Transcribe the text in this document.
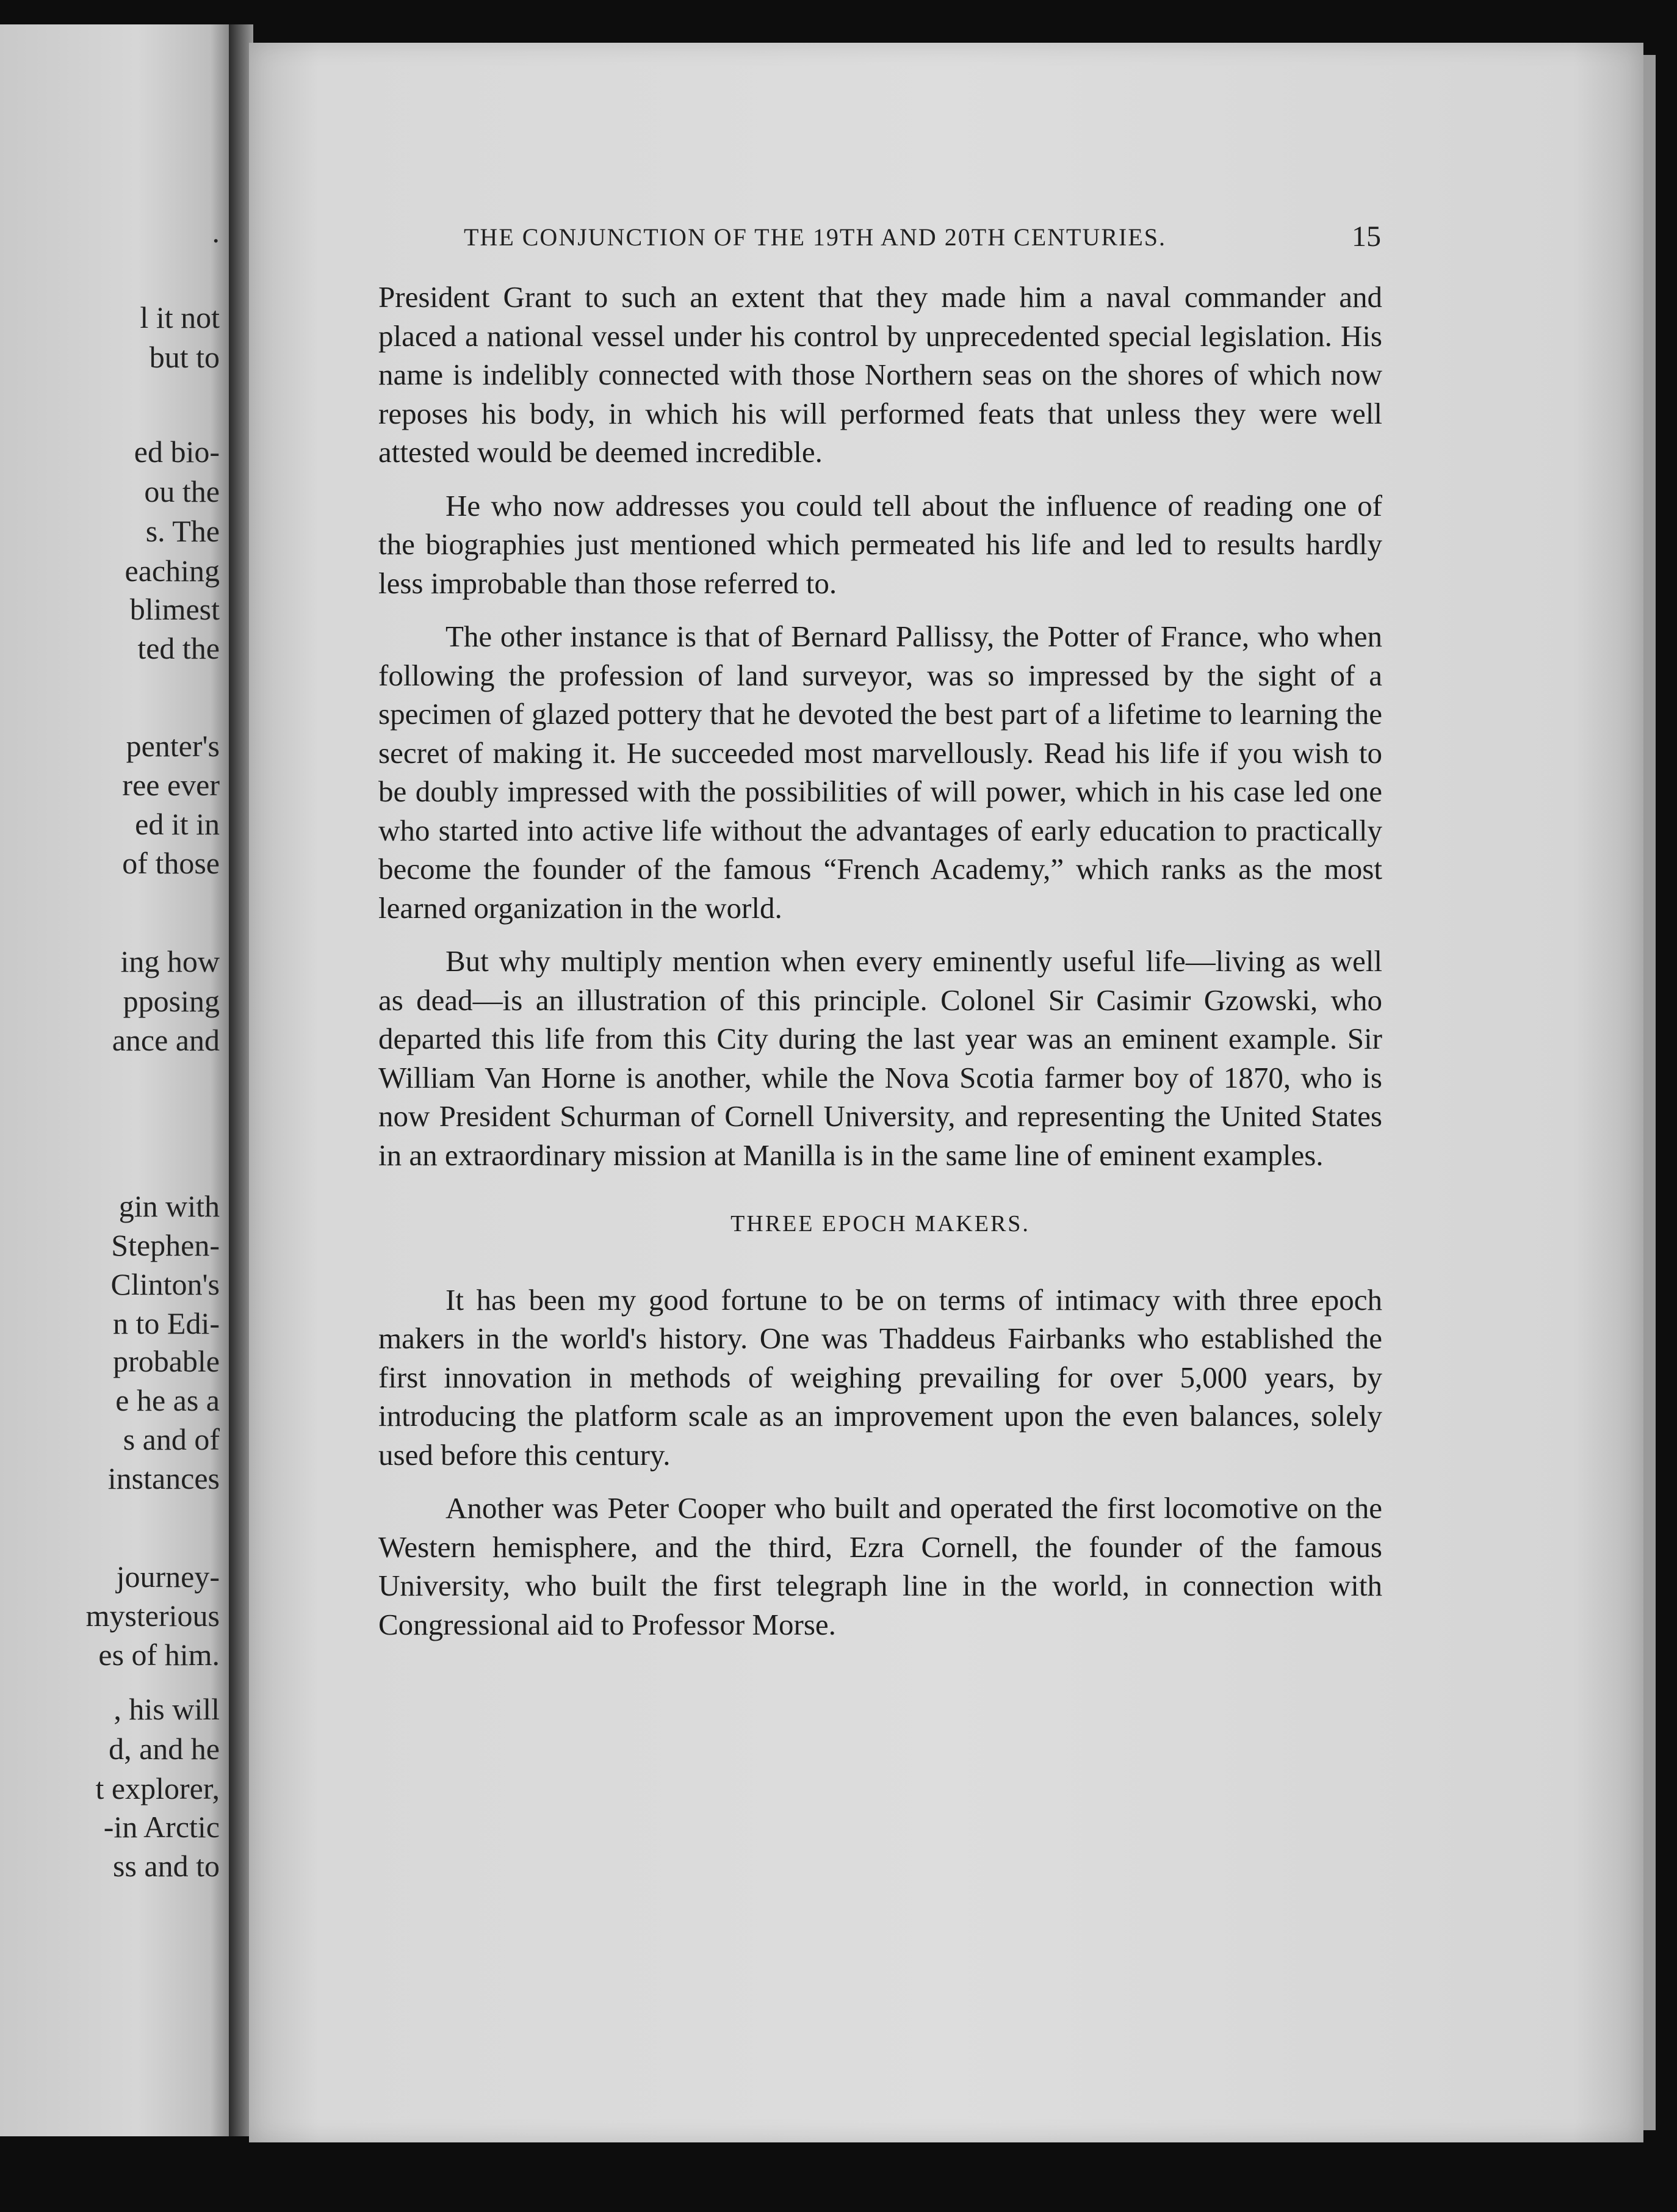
.
l it not
but to
ed bio-
ou the
s. The
eaching
blimest
ted the
penter's
ree ever
ed it in
of those
ing how
pposing
ance and
gin with
Stephen-
Clinton's
n to Edi-
probable
e he as a
s and of
instances
journey-
mysterious
es of him.
, his will
d, and he
t explorer,
-in Arctic
ss and to
THE CONJUNCTION OF THE 19TH AND 20TH CENTURIES.	15

President Grant to such an extent that they made him a naval commander and placed a national vessel under his control by unprecedented special legislation. His name is indelibly connected with those Northern seas on the shores of which now reposes his body, in which his will performed feats that unless they were well attested would be deemed incredible.

He who now addresses you could tell about the influence of reading one of the biographies just mentioned which permeated his life and led to results hardly less improbable than those referred to.

The other instance is that of Bernard Pallissy, the Potter of France, who when following the profession of land surveyor, was so impressed by the sight of a specimen of glazed pottery that he devoted the best part of a lifetime to learning the secret of making it. He succeeded most marvellously. Read his life if you wish to be doubly impressed with the possibilities of will power, which in his case led one who started into active life without the advantages of early education to practically become the founder of the famous “French Academy,” which ranks as the most learned organization in the world.

But why multiply mention when every eminently useful life—living as well as dead—is an illustration of this principle. Colonel Sir Casimir Gzowski, who departed this life from this City during the last year was an eminent example. Sir William Van Horne is another, while the Nova Scotia farmer boy of 1870, who is now President Schurman of Cornell University, and representing the United States in an extraordinary mission at Manilla is in the same line of eminent examples.

THREE EPOCH MAKERS.

It has been my good fortune to be on terms of intimacy with three epoch makers in the world's history. One was Thaddeus Fairbanks who established the first innovation in methods of weighing prevailing for over 5,000 years, by introducing the platform scale as an improvement upon the even balances, solely used before this century.

Another was Peter Cooper who built and operated the first locomotive on the Western hemisphere, and the third, Ezra Cornell, the founder of the famous University, who built the first telegraph line in the world, in connection with Congressional aid to Professor Morse.
